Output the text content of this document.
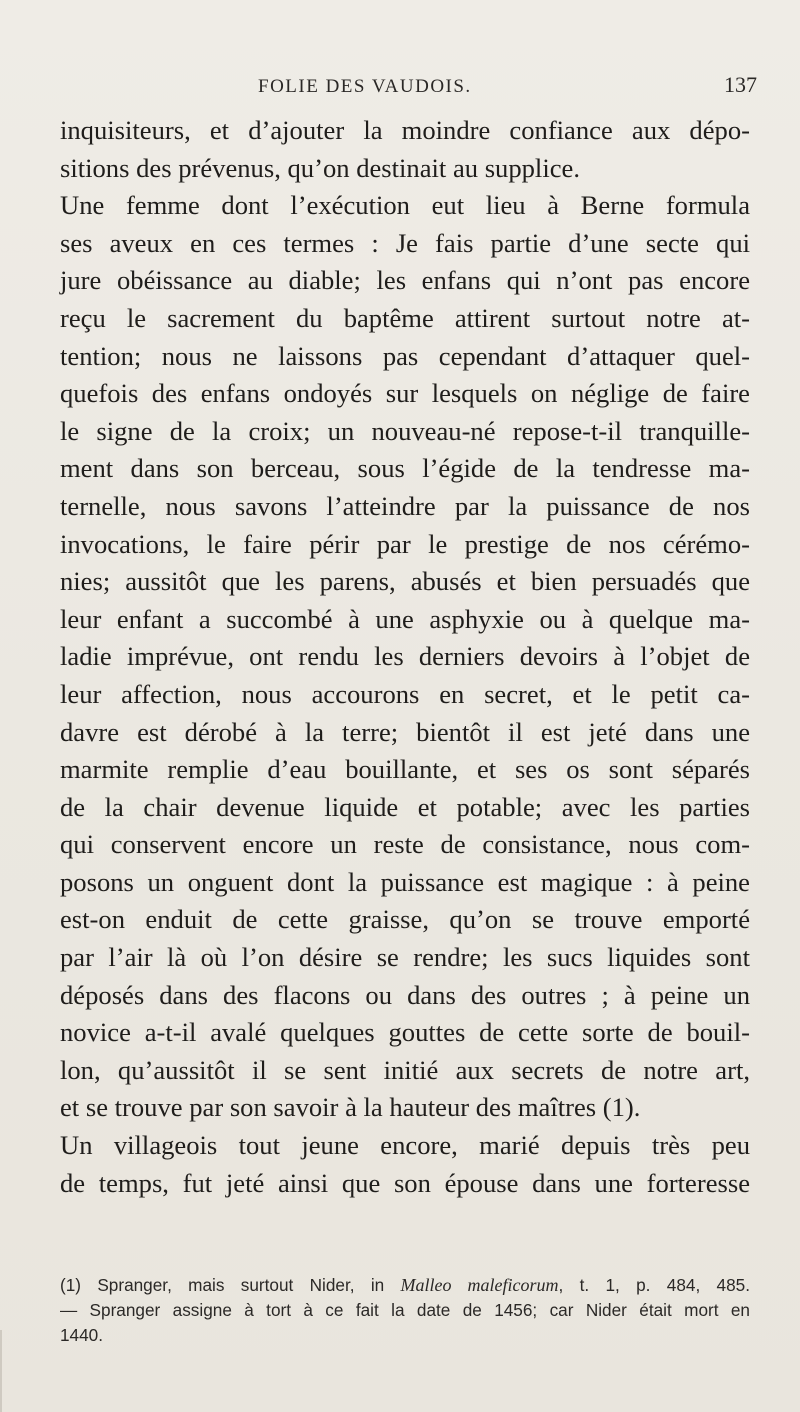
FOLIE DES VAUDOIS.	137
inquisiteurs, et d’ajouter la moindre confiance aux dépo-
sitions des prévenus, qu’on destinait au supplice.
Une femme dont l’exécution eut lieu à Berne formula
ses aveux en ces termes : Je fais partie d’une secte qui
jure obéissance au diable; les enfans qui n’ont pas encore
reçu le sacrement du baptême attirent surtout notre at-
tention; nous ne laissons pas cependant d’attaquer quel-
quefois des enfans ondoyés sur lesquels on néglige de faire
le signe de la croix; un nouveau-né repose-t-il tranquille-
ment dans son berceau, sous l’égide de la tendresse ma-
ternelle, nous savons l’atteindre par la puissance de nos
invocations, le faire périr par le prestige de nos cérémo-
nies; aussitôt que les parens, abusés et bien persuadés que
leur enfant a succombé à une asphyxie ou à quelque ma-
ladie imprévue, ont rendu les derniers devoirs à l’objet de
leur affection, nous accourons en secret, et le petit ca-
davre est dérobé à la terre; bientôt il est jeté dans une
marmite remplie d’eau bouillante, et ses os sont séparés
de la chair devenue liquide et potable; avec les parties
qui conservent encore un reste de consistance, nous com-
posons un onguent dont la puissance est magique : à peine
est-on enduit de cette graisse, qu’on se trouve emporté
par l’air là où l’on désire se rendre; les sucs liquides sont
déposés dans des flacons ou dans des outres ; à peine un
novice a-t-il avalé quelques gouttes de cette sorte de bouil-
lon, qu’aussitôt il se sent initié aux secrets de notre art,
et se trouve par son savoir à la hauteur des maîtres (1).
Un villageois tout jeune encore, marié depuis très peu
de temps, fut jeté ainsi que son épouse dans une forteresse
(1) Spranger, mais surtout Nider, in Malleo maleficorum, t. 1, p. 484, 485.
— Spranger assigne à tort à ce fait la date de 1456; car Nider était mort en
1440.
